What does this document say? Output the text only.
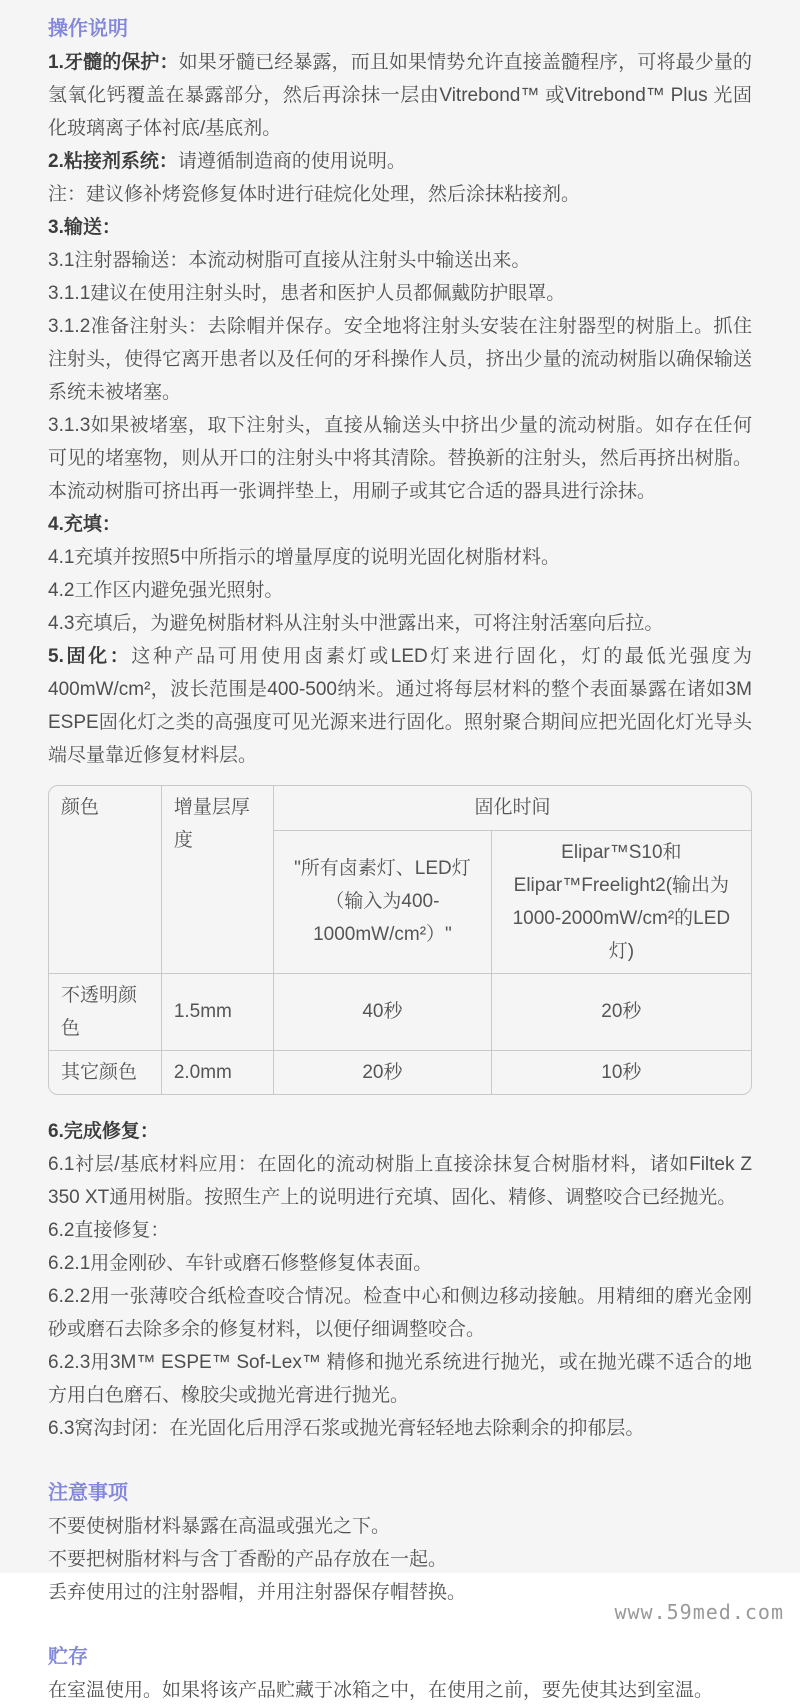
操作说明

1.牙髓的保护：如果牙髓已经暴露，而且如果情势允许直接盖髓程序，可将最少量的氢氧化钙覆盖在暴露部分，然后再涂抹一层由Vitrebond™ 或Vitrebond™ Plus 光固化玻璃离子体衬底/基底剂。

2.粘接剂系统：请遵循制造商的使用说明。

注：建议修补烤瓷修复体时进行硅烷化处理，然后涂抹粘接剂。

3.输送：

3.1注射器输送：本流动树脂可直接从注射头中输送出来。

3.1.1建议在使用注射头时，患者和医护人员都佩戴防护眼罩。

3.1.2准备注射头：去除帽并保存。安全地将注射头安装在注射器型的树脂上。抓住注射头，使得它离开患者以及任何的牙科操作人员，挤出少量的流动树脂以确保输送系统未被堵塞。

3.1.3如果被堵塞，取下注射头，直接从输送头中挤出少量的流动树脂。如存在任何可见的堵塞物，则从开口的注射头中将其清除。替换新的注射头，然后再挤出树脂。本流动树脂可挤出再一张调拌垫上，用刷子或其它合适的器具进行涂抹。

4.充填：

4.1充填并按照5中所指示的增量厚度的说明光固化树脂材料。

4.2工作区内避免强光照射。

4.3充填后，为避免树脂材料从注射头中泄露出来，可将注射活塞向后拉。

5.固化：这种产品可用使用卤素灯或LED灯来进行固化，灯的最低光强度为400mW/cm²，波长范围是400-500纳米。通过将每层材料的整个表面暴露在诸如3M ESPE固化灯之类的高强度可见光源来进行固化。照射聚合期间应把光固化灯光导头端尽量靠近修复材料层。

颜色	增量层厚度	固化时间	
		"所有卤素灯、LED灯（输入为400-1000mW/cm²）"	Elipar™S10和Elipar™Freelight2(输出为1000-2000mW/cm²的LED灯)
不透明颜色	1.5mm	40秒	20秒
其它颜色	2.0mm	20秒	10秒

6.完成修复：

6.1衬层/基底材料应用：在固化的流动树脂上直接涂抹复合树脂材料，诸如Filtek Z 350 XT通用树脂。按照生产上的说明进行充填、固化、精修、调整咬合已经抛光。

6.2直接修复：

6.2.1用金刚砂、车针或磨石修整修复体表面。

6.2.2用一张薄咬合纸检查咬合情况。检查中心和侧边移动接触。用精细的磨光金刚砂或磨石去除多余的修复材料，以便仔细调整咬合。

6.2.3用3M™ ESPE™ Sof-Lex™ 精修和抛光系统进行抛光，或在抛光碟不适合的地方用白色磨石、橡胶尖或抛光膏进行抛光。

6.3窝沟封闭：在光固化后用浮石浆或抛光膏轻轻地去除剩余的抑郁层。

注意事项

不要使树脂材料暴露在高温或强光之下。

不要把树脂材料与含丁香酚的产品存放在一起。

丢弃使用过的注射器帽，并用注射器保存帽替换。

贮存

在室温使用。如果将该产品贮藏于冰箱之中，在使用之前，要先使其达到室温。

www.59med.com
